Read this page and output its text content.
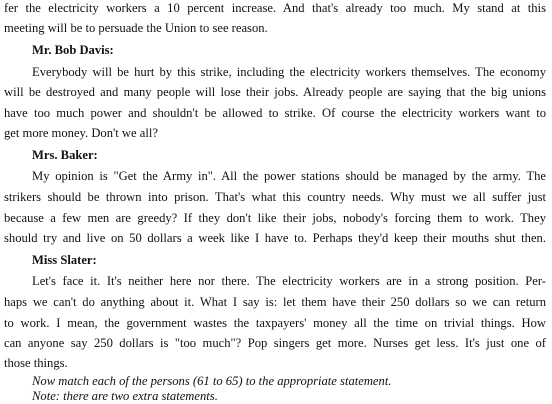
fer the electricity workers a 10 percent increase. And that's already too much. My stand at this
meeting will be to persuade the Union to see reason.
Mr. Bob Davis:
Everybody will be hurt by this strike, including the electricity workers themselves. The economy
will be destroyed and many people will lose their jobs. Already people are saying that the big unions
have too much power and shouldn't be allowed to strike. Of course the electricity workers want to
get more money. Don't we all?
Mrs. Baker:
My opinion is "Get the Army in". All the power stations should be managed by the army. The
strikers should be thrown into prison. That's what this country needs. Why must we all suffer just
because a few men are greedy? If they don't like their jobs, nobody's forcing them to work. They
should try and live on 50 dollars a week like I have to. Perhaps they'd keep their mouths shut then.
Miss Slater:
Let's face it. It's neither here nor there. The electricity workers are in a strong position. Per-
haps we can't do anything about it. What I say is: let them have their 250 dollars so we can return
to work. I mean, the government wastes the taxpayers' money all the time on trivial things. How
can anyone say 250 dollars is "too much"? Pop singers get more. Nurses get less. It's just one of
those things.
Now match each of the persons (61 to 65) to the appropriate statement.
Note: there are two extra statements.
